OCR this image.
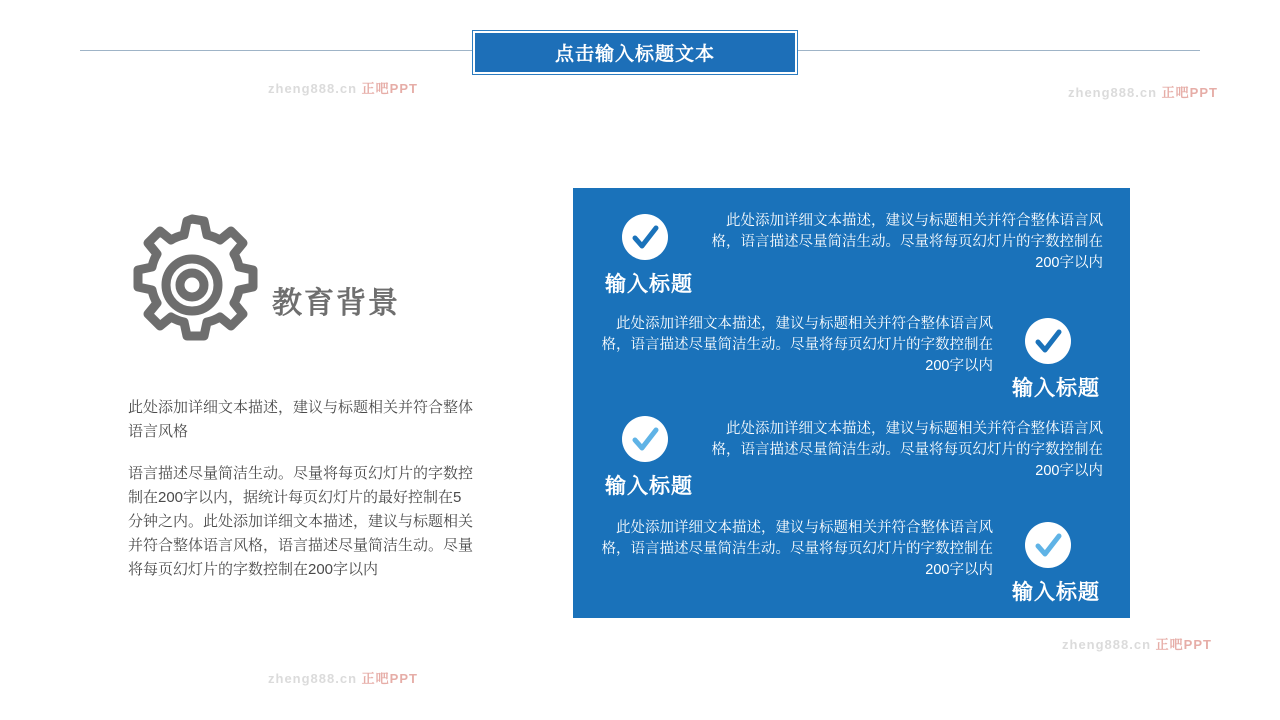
点击输入标题文本
教育背景
此处添加详细文本描述，建议与标题相关并符合整体语言风格
语言描述尽量简洁生动。尽量将每页幻灯片的字数控制在200字以内，据统计每页幻灯片的最好控制在5分钟之内。此处添加详细文本描述，建议与标题相关并符合整体语言风格，语言描述尽量简洁生动。尽量将每页幻灯片的字数控制在200字以内
输入标题
此处添加详细文本描述，建议与标题相关并符合整体语言风格，语言描述尽量简洁生动。尽量将每页幻灯片的字数控制在200字以内
输入标题
此处添加详细文本描述，建议与标题相关并符合整体语言风格，语言描述尽量简洁生动。尽量将每页幻灯片的字数控制在200字以内
输入标题
此处添加详细文本描述，建议与标题相关并符合整体语言风格，语言描述尽量简洁生动。尽量将每页幻灯片的字数控制在200字以内
输入标题
此处添加详细文本描述，建议与标题相关并符合整体语言风格，语言描述尽量简洁生动。尽量将每页幻灯片的字数控制在200字以内
zheng888.cn 正吧PPT	zheng888.cn 正吧PPT
zheng888.cn 正吧PPT
zheng888.cn 正吧PPT
